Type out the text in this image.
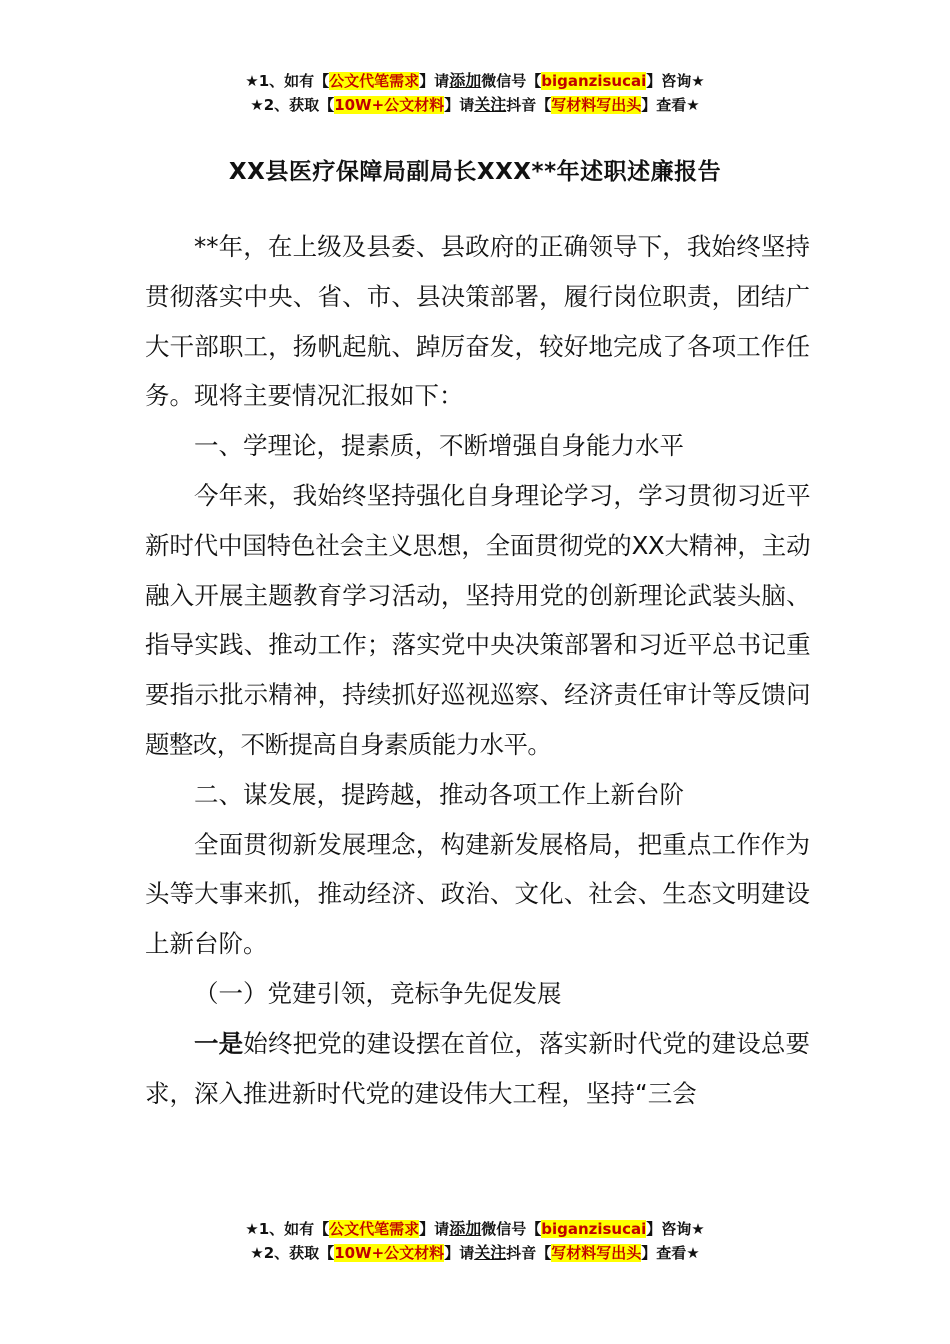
★1、如有【公文代笔需求】请添加微信号【biganzisucai】咨询★
★2、获取【10W+公文材料】请关注抖音【写材料写出头】查看★
XX县医疗保障局副局长XXX**年述职述廉报告

**年，在上级及县委、县政府的正确领导下，我始终坚持贯彻落实中央、省、市、县决策部署，履行岗位职责，团结广大干部职工，扬帆起航、踔厉奋发，较好地完成了各项工作任务。现将主要情况汇报如下：

一、学理论，提素质，不断增强自身能力水平

今年来，我始终坚持强化自身理论学习，学习贯彻习近平新时代中国特色社会主义思想，全面贯彻党的XX大精神，主动融入开展主题教育学习活动，坚持用党的创新理论武装头脑、指导实践、推动工作；落实党中央决策部署和习近平总书记重要指示批示精神，持续抓好巡视巡察、经济责任审计等反馈问题整改，不断提高自身素质能力水平。

二、谋发展，提跨越，推动各项工作上新台阶

全面贯彻新发展理念，构建新发展格局，把重点工作作为头等大事来抓，推动经济、政治、文化、社会、生态文明建设上新台阶。

（一）党建引领，竞标争先促发展

一是始终把党的建设摆在首位，落实新时代党的建设总要求，深入推进新时代党的建设伟大工程，坚持“三会

★1、如有【公文代笔需求】请添加微信号【biganzisucai】咨询★
★2、获取【10W+公文材料】请关注抖音【写材料写出头】查看★
